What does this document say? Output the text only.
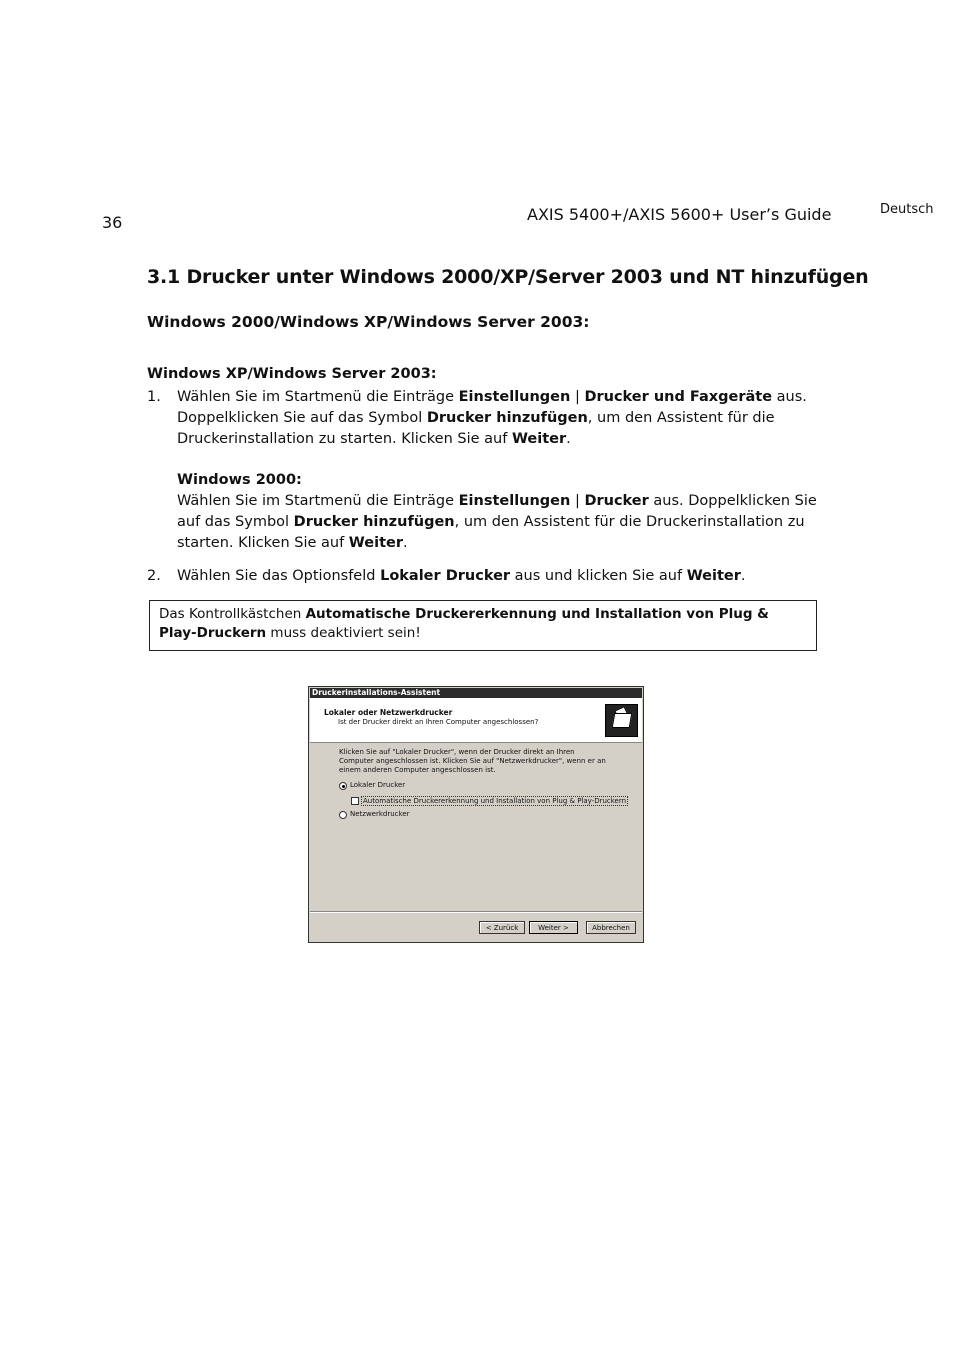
36	AXIS 5400+/AXIS 5600+ User’s Guide	Deutsch
3.1 Drucker unter Windows 2000/XP/Server 2003 und NT hinzufügen
Windows 2000/Windows XP/Windows Server 2003:
Windows XP/Windows Server 2003:
1. Wählen Sie im Startmenü die Einträge Einstellungen | Drucker und Faxgeräte aus. Doppelklicken Sie auf das Symbol Drucker hinzufügen, um den Assistent für die Druckerinstallation zu starten. Klicken Sie auf Weiter.
Windows 2000:
Wählen Sie im Startmenü die Einträge Einstellungen | Drucker aus. Doppelklicken Sie auf das Symbol Drucker hinzufügen, um den Assistent für die Druckerinstallation zu starten. Klicken Sie auf Weiter.
2. Wählen Sie das Optionsfeld Lokaler Drucker aus und klicken Sie auf Weiter.
Das Kontrollkästchen Automatische Druckererkennung und Installation von Plug & Play-Druckern muss deaktiviert sein!
Druckerinstallations-Assistent
Lokaler oder Netzwerkdrucker
Ist der Drucker direkt an Ihren Computer angeschlossen?
Klicken Sie auf "Lokaler Drucker", wenn der Drucker direkt an Ihren Computer angeschlossen ist. Klicken Sie auf "Netzwerkdrucker", wenn er an einem anderen Computer angeschlossen ist.
Lokaler Drucker
Automatische Druckererkennung und Installation von Plug & Play-Druckern
Netzwerkdrucker
< Zurück	Weiter >	Abbrechen
